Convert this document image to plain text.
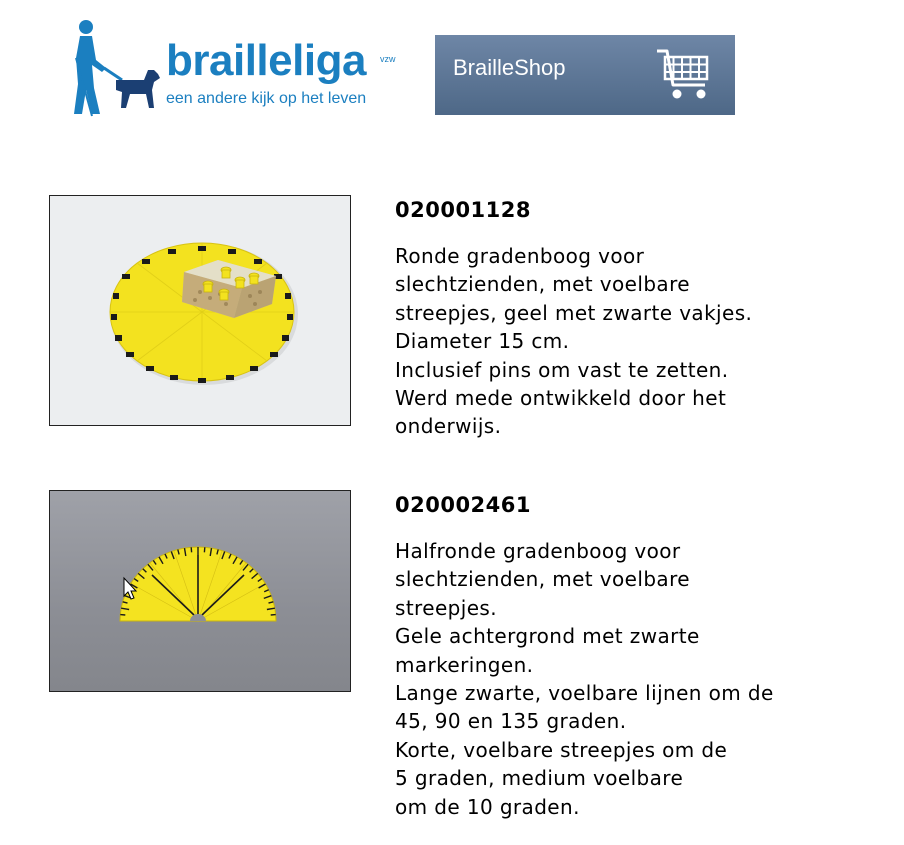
brailleliga vzw
een andere kijk op het leven
BrailleShop
020001128

Ronde gradenboog voor
slechtzienden, met voelbare
streepjes, geel met zwarte vakjes.
Diameter 15 cm.
Inclusief pins om vast te zetten.
Werd mede ontwikkeld door het
onderwijs.

020002461

Halfronde gradenboog voor
slechtzienden, met voelbare
streepjes.
Gele achtergrond met zwarte
markeringen.
Lange zwarte, voelbare lijnen om de
45, 90 en 135 graden.
Korte, voelbare streepjes om de
5 graden, medium voelbare
om de 10 graden.
